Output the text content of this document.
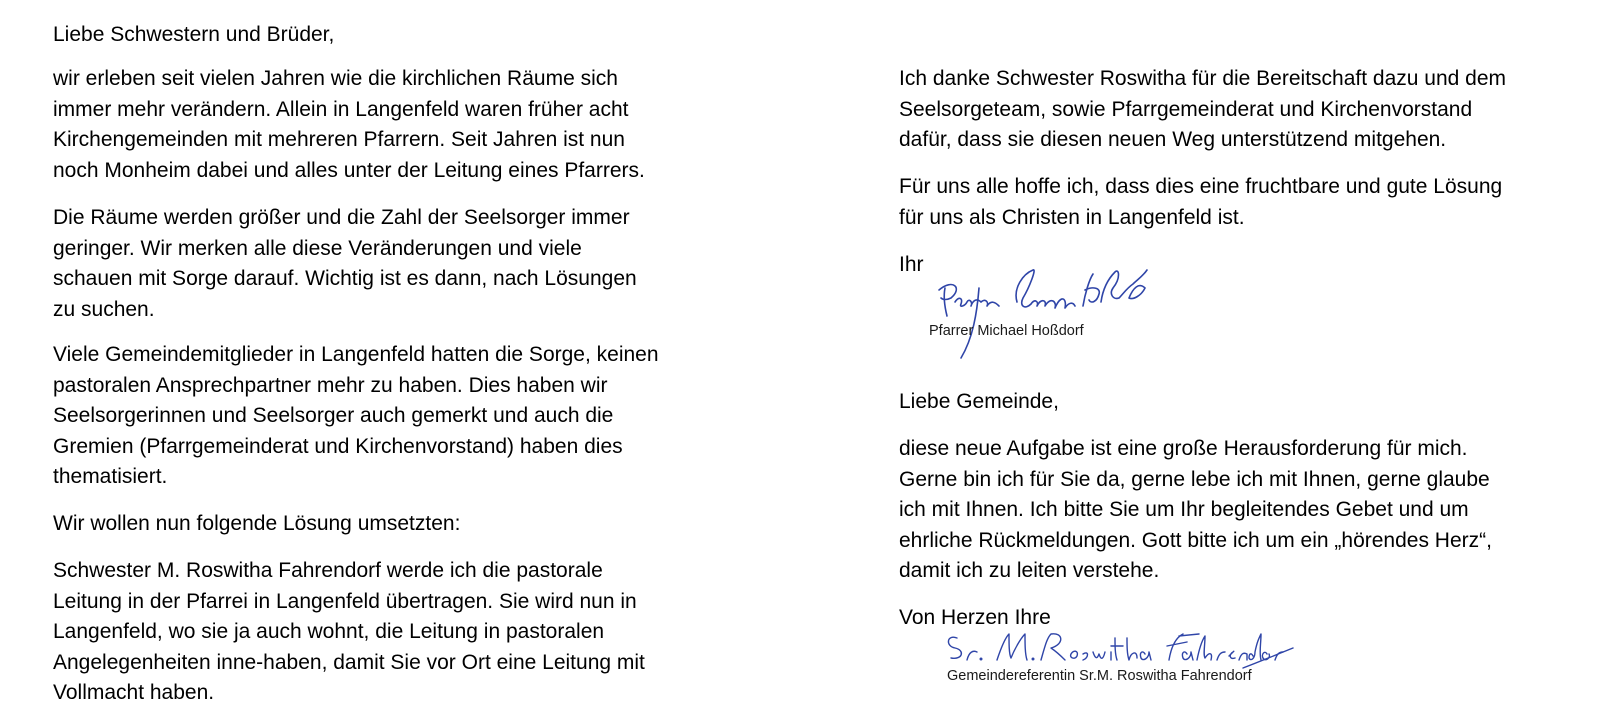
Liebe Schwestern und Brüder,

wir erleben seit vielen Jahren wie die kirchlichen Räume sich
immer mehr verändern. Allein in Langenfeld waren früher acht
Kirchengemeinden mit mehreren Pfarrern. Seit Jahren ist nun
noch Monheim dabei und alles unter der Leitung eines Pfarrers.

Die Räume werden größer und die Zahl der Seelsorger immer
geringer. Wir merken alle diese Veränderungen und viele
schauen mit Sorge darauf. Wichtig ist es dann, nach Lösungen
zu suchen.

Viele Gemeindemitglieder in Langenfeld hatten die Sorge, keinen
pastoralen Ansprechpartner mehr zu haben. Dies haben wir
Seelsorgerinnen und Seelsorger auch gemerkt und auch die
Gremien (Pfarrgemeinderat und Kirchenvorstand) haben dies
thematisiert.

Wir wollen nun folgende Lösung umsetzten:

Schwester M. Roswitha Fahrendorf werde ich die pastorale
Leitung in der Pfarrei in Langenfeld übertragen. Sie wird nun in
Langenfeld, wo sie ja auch wohnt, die Leitung in pastoralen
Angelegenheiten inne-haben, damit Sie vor Ort eine Leitung mit
Vollmacht haben.

Ich danke Schwester Roswitha für die Bereitschaft dazu und dem
Seelsorgeteam, sowie Pfarrgemeinderat und Kirchenvorstand
dafür, dass sie diesen neuen Weg unterstützend mitgehen.

Für uns alle hoffe ich, dass dies eine fruchtbare und gute Lösung
für uns als Christen in Langenfeld ist.

Ihr

Pfarrer Michael Hoßdorf

Liebe Gemeinde,

diese neue Aufgabe ist eine große Herausforderung für mich.
Gerne bin ich für Sie da, gerne lebe ich mit Ihnen, gerne glaube
ich mit Ihnen. Ich bitte Sie um Ihr begleitendes Gebet und um
ehrliche Rückmeldungen. Gott bitte ich um ein „hörendes Herz“,
damit ich zu leiten verstehe.

Von Herzen Ihre

Gemeindereferentin Sr.M. Roswitha Fahrendorf
